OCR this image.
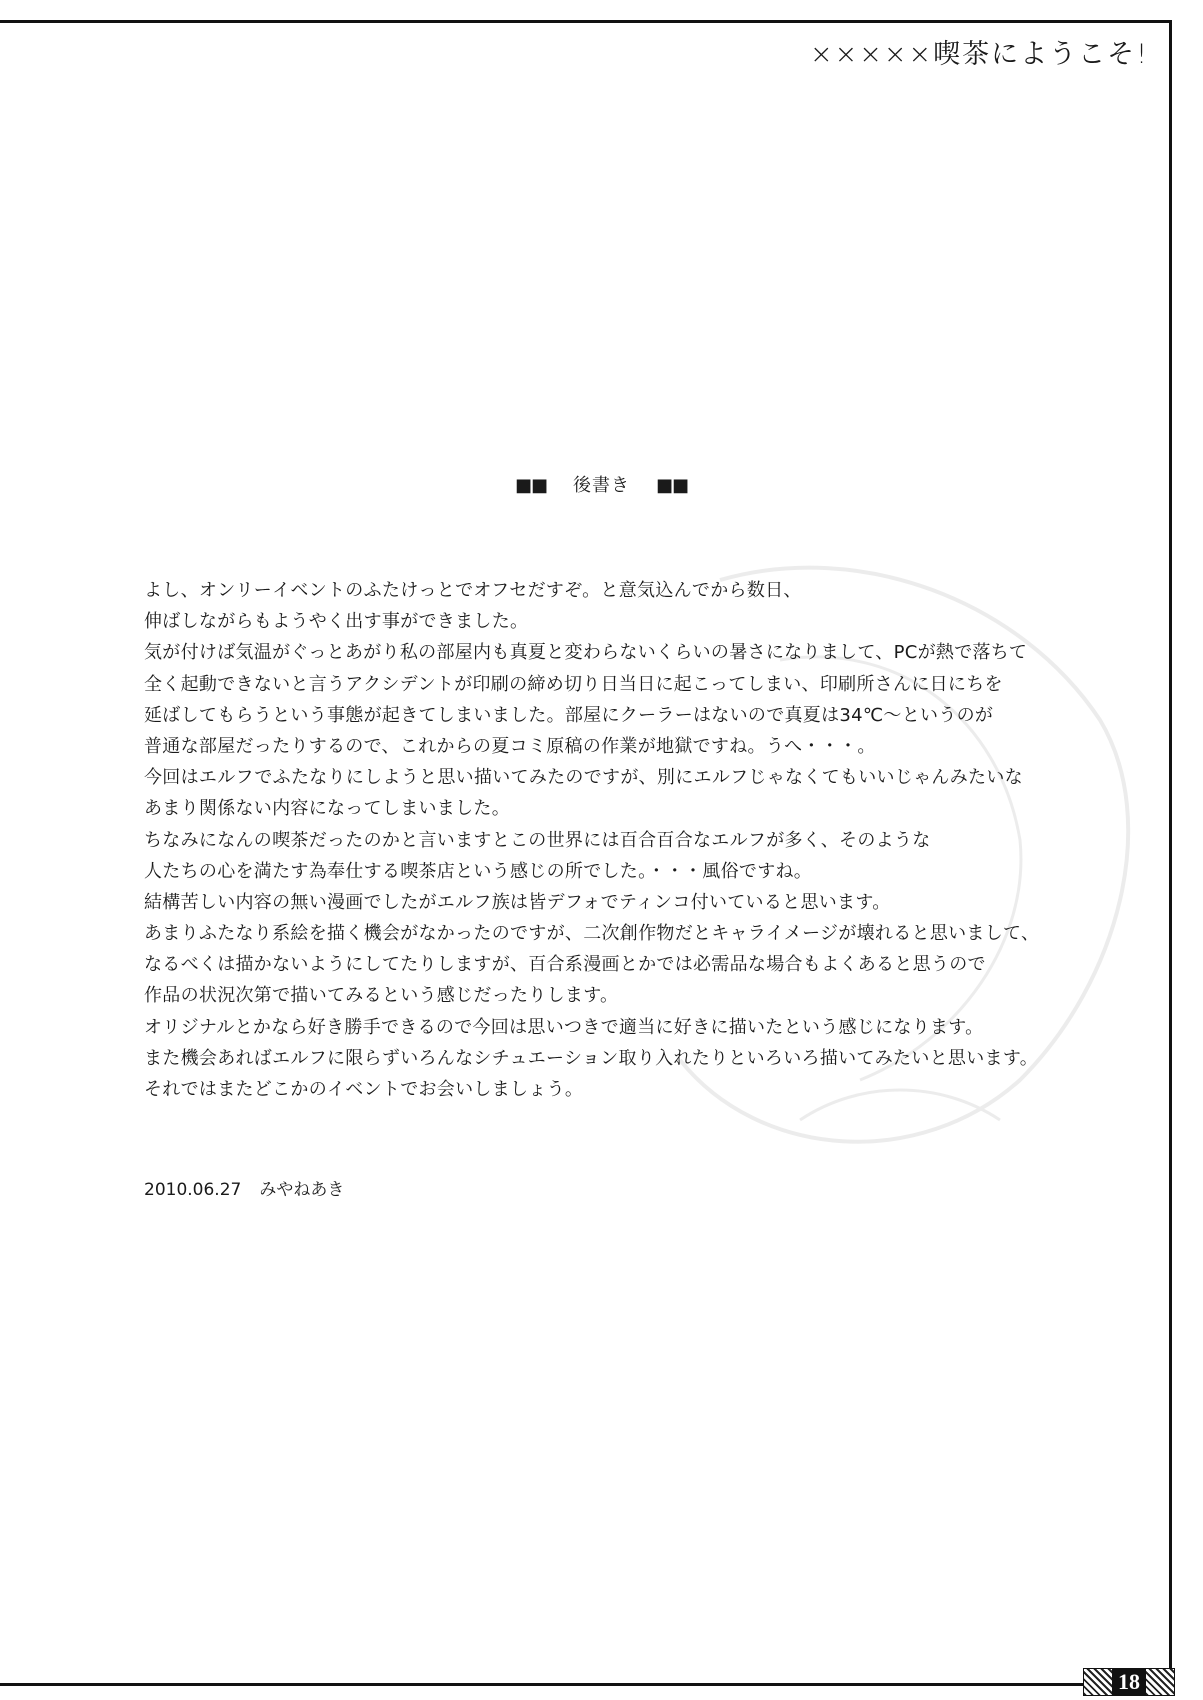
×××××喫茶にようこそ!
■■ 後書き ■■
よし、オンリーイベントのふたけっとでオフセだすぞ。と意気込んでから数日、
伸ばしながらもようやく出す事ができました。
気が付けば気温がぐっとあがり私の部屋内も真夏と変わらないくらいの暑さになりまして、PCが熱で落ちて
全く起動できないと言うアクシデントが印刷の締め切り日当日に起こってしまい、印刷所さんに日にちを
延ばしてもらうという事態が起きてしまいました。部屋にクーラーはないので真夏は34℃～というのが
普通な部屋だったりするので、これからの夏コミ原稿の作業が地獄ですね。うへ・・・。
今回はエルフでふたなりにしようと思い描いてみたのですが、別にエルフじゃなくてもいいじゃんみたいな
あまり関係ない内容になってしまいました。
ちなみになんの喫茶だったのかと言いますとこの世界には百合百合なエルフが多く、そのような
人たちの心を満たす為奉仕する喫茶店という感じの所でした。・・・風俗ですね。
結構苦しい内容の無い漫画でしたがエルフ族は皆デフォでティンコ付いていると思います。
あまりふたなり系絵を描く機会がなかったのですが、二次創作物だとキャライメージが壊れると思いまして、
なるべくは描かないようにしてたりしますが、百合系漫画とかでは必需品な場合もよくあると思うので
作品の状況次第で描いてみるという感じだったりします。
オリジナルとかなら好き勝手できるので今回は思いつきで適当に好きに描いたという感じになります。
また機会あればエルフに限らずいろんなシチュエーション取り入れたりといろいろ描いてみたいと思います。
それではまたどこかのイベントでお会いしましょう。
2010.06.27 みやねあき
18
